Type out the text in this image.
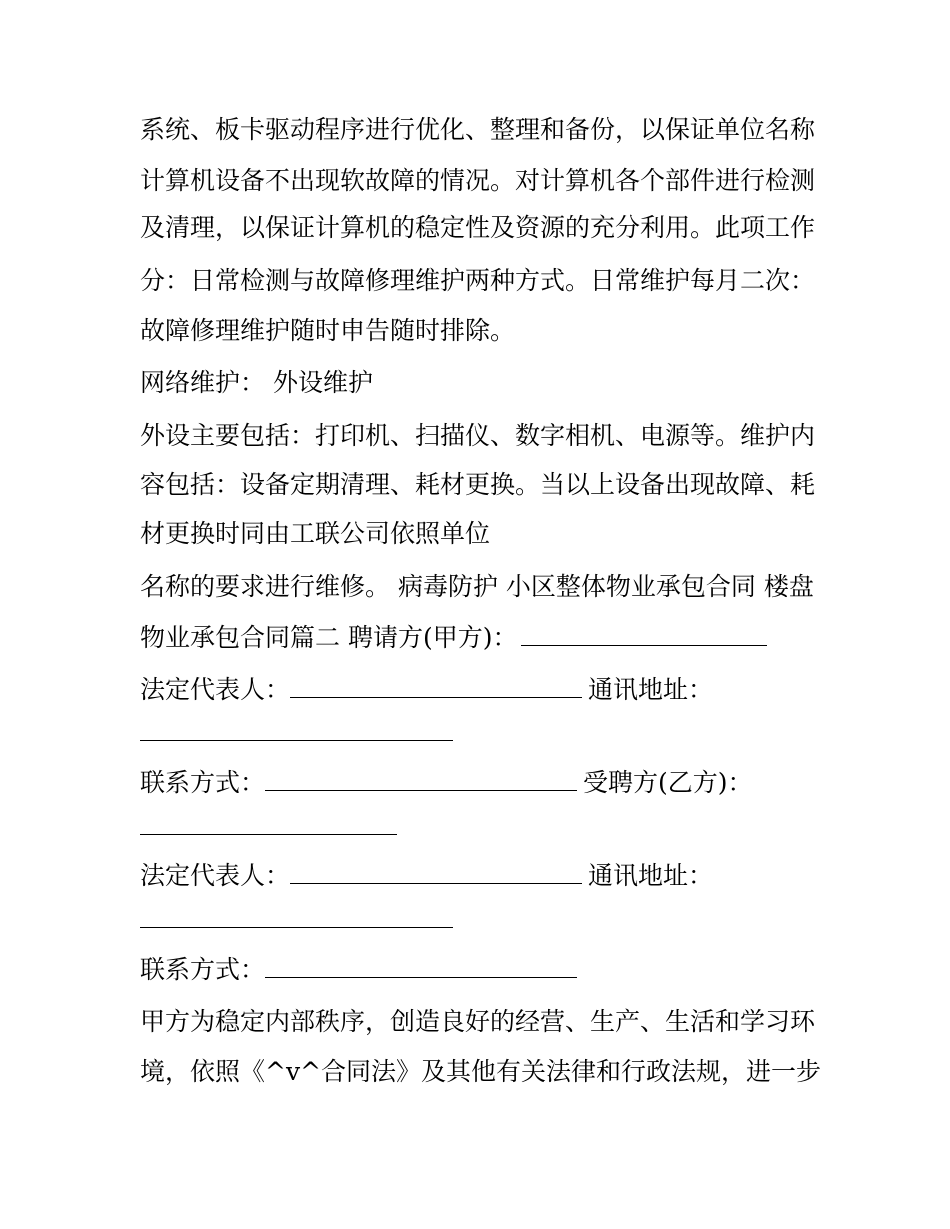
系统、板卡驱动程序进行优化、整理和备份，以保证单位名称
计算机设备不出现软故障的情况。对计算机各个部件进行检测
及清理，以保证计算机的稳定性及资源的充分利用。此项工作
分：日常检测与故障修理维护两种方式。日常维护每月二次：
故障修理维护随时申告随时排除。
网络维护： 外设维护
外设主要包括：打印机、扫描仪、数字相机、电源等。维护内
容包括：设备定期清理、耗材更换。当以上设备出现故障、耗
材更换时同由工联公司依照单位
名称的要求进行维修。 病毒防护 小区整体物业承包合同 楼盘
物业承包合同篇二 聘请方(甲方)：
法定代表人：	通讯地址：
联系方式：	受聘方(乙方)：
法定代表人：	通讯地址：
联系方式：
甲方为稳定内部秩序，创造良好的经营、生产、生活和学习环
境，依照《^v^合同法》及其他有关法律和行政法规，进一步
